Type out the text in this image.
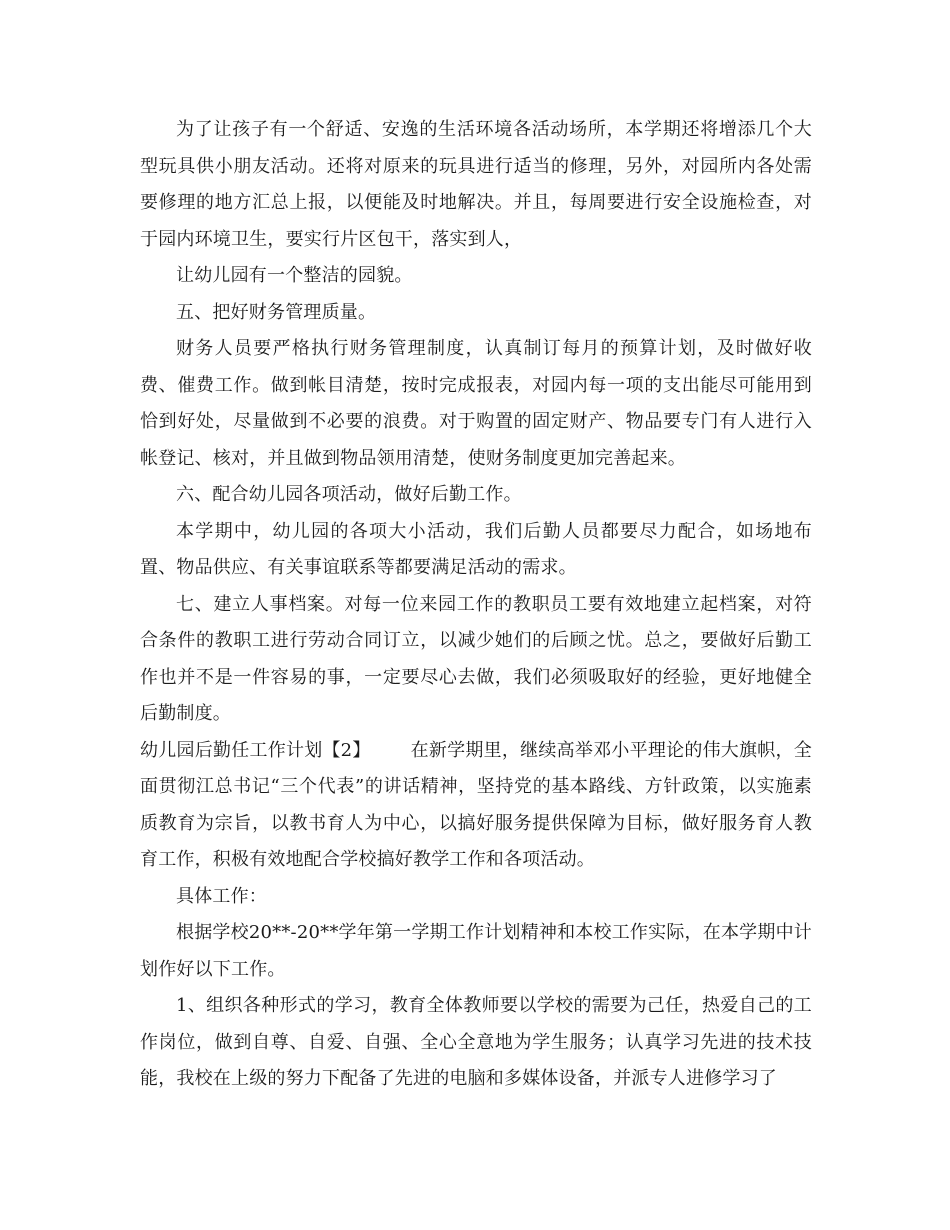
为了让孩子有一个舒适、安逸的生活环境各活动场所，本学期还将增添几个大型玩具供小朋友活动。还将对原来的玩具进行适当的修理，另外，对园所内各处需要修理的地方汇总上报，以便能及时地解决。并且，每周要进行安全设施检查，对于园内环境卫生，要实行片区包干，落实到人，

让幼儿园有一个整洁的园貌。

五、把好财务管理质量。

财务人员要严格执行财务管理制度，认真制订每月的预算计划，及时做好收费、催费工作。做到帐目清楚，按时完成报表，对园内每一项的支出能尽可能用到恰到好处，尽量做到不必要的浪费。对于购置的固定财产、物品要专门有人进行入帐登记、核对，并且做到物品领用清楚，使财务制度更加完善起来。

六、配合幼儿园各项活动，做好后勤工作。

本学期中，幼儿园的各项大小活动，我们后勤人员都要尽力配合，如场地布置、物品供应、有关事谊联系等都要满足活动的需求。

七、建立人事档案。对每一位来园工作的教职员工要有效地建立起档案，对符合条件的教职工进行劳动合同订立，以减少她们的后顾之忧。总之，要做好后勤工作也并不是一件容易的事，一定要尽心去做，我们必须吸取好的经验，更好地健全后勤制度。

幼儿园后勤任工作计划【2】 在新学期里，继续高举邓小平理论的伟大旗帜，全面贯彻江总书记“三个代表”的讲话精神，坚持党的基本路线、方针政策，以实施素质教育为宗旨，以教书育人为中心，以搞好服务提供保障为目标，做好服务育人教育工作，积极有效地配合学校搞好教学工作和各项活动。

具体工作：

根据学校20**-20**学年第一学期工作计划精神和本校工作实际，在本学期中计划作好以下工作。

1、组织各种形式的学习，教育全体教师要以学校的需要为己任，热爱自己的工作岗位，做到自尊、自爱、自强、全心全意地为学生服务；认真学习先进的技术技能，我校在上级的努力下配备了先进的电脑和多媒体设备，并派专人进修学习了
